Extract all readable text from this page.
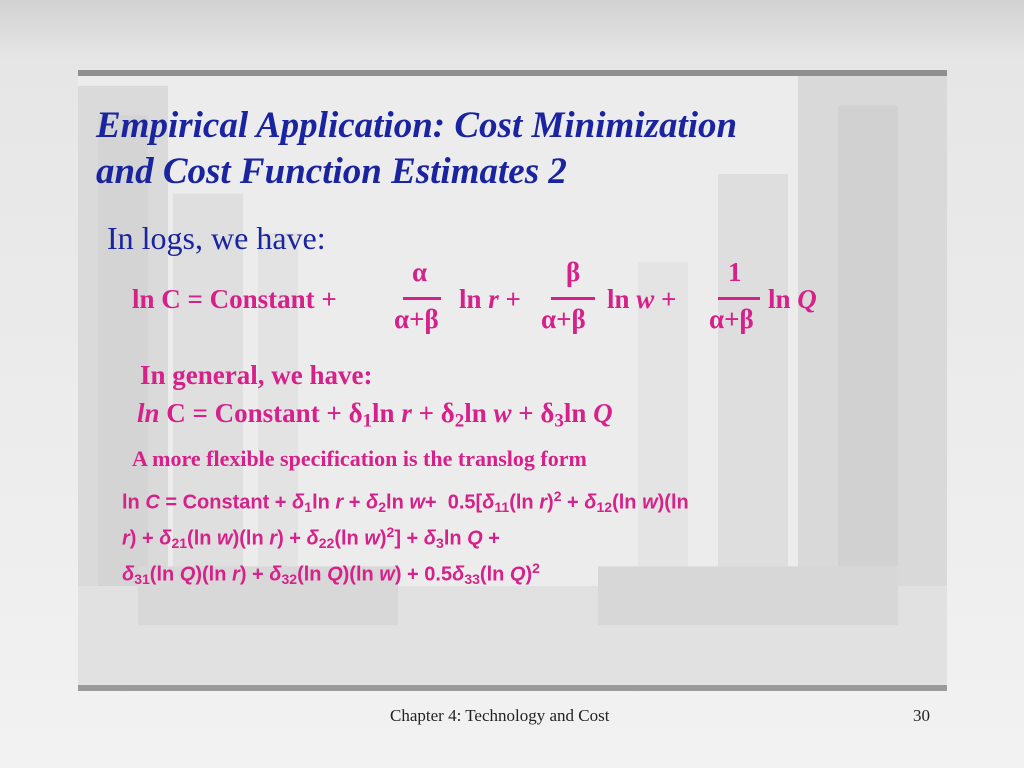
Empirical Application: Cost Minimization
and Cost Function Estimates 2
In logs, we have:
ln C = Constant +
α
α+β
ln r +
β
α+β
ln w +
1
α+β
ln Q
In general, we have:
ln C = Constant + $\delta_1\ln$ $r + \delta_2\ln$ $w + \delta_3\ln$ Q
A more flexible specification is the translog form
ln C = Constant + $\delta_1\ln$ $r + \delta_2\ln$ $w+ 0.5[\delta_{11}(\ln$ $r)^2 + \delta_{12}(\ln$ w)(ln
$r) + \delta_{21}(\ln$ w)(ln $r) + \delta_{22}(\ln$ $w)^2] + \delta_3\ln$ Q +
$\delta_{31}(\ln$ Q)(ln $r) + \delta_{32}(\ln$ Q)(ln $w) + 0.5\delta_{33}(\ln$ Q)$^2$
Chapter 4: Technology and Cost	30
